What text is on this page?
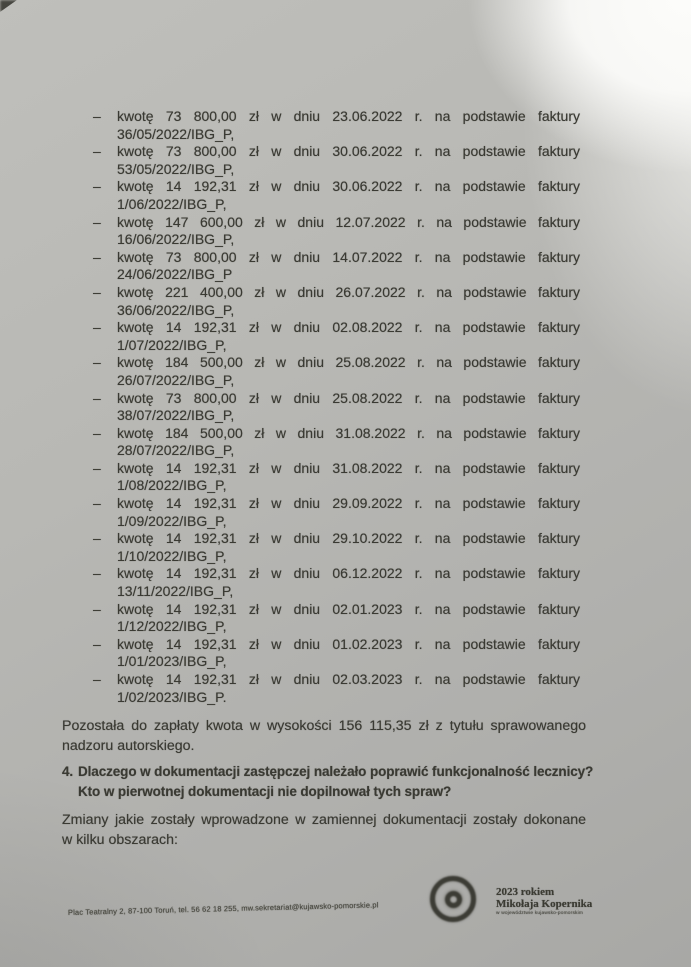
– kwotę 73 800,00 zł w dniu 23.06.2022 r. na podstawie faktury
36/05/2022/IBG_P,
– kwotę 73 800,00 zł w dniu 30.06.2022 r. na podstawie faktury
53/05/2022/IBG_P,
– kwotę 14 192,31 zł w dniu 30.06.2022 r. na podstawie faktury
1/06/2022/IBG_P,
– kwotę 147 600,00 zł w dniu 12.07.2022 r. na podstawie faktury
16/06/2022/IBG_P,
– kwotę 73 800,00 zł w dniu 14.07.2022 r. na podstawie faktury
24/06/2022/IBG_P
– kwotę 221 400,00 zł w dniu 26.07.2022 r. na podstawie faktury
36/06/2022/IBG_P,
– kwotę 14 192,31 zł w dniu 02.08.2022 r. na podstawie faktury
1/07/2022/IBG_P,
– kwotę 184 500,00 zł w dniu 25.08.2022 r. na podstawie faktury
26/07/2022/IBG_P,
– kwotę 73 800,00 zł w dniu 25.08.2022 r. na podstawie faktury
38/07/2022/IBG_P,
– kwotę 184 500,00 zł w dniu 31.08.2022 r. na podstawie faktury
28/07/2022/IBG_P,
– kwotę 14 192,31 zł w dniu 31.08.2022 r. na podstawie faktury
1/08/2022/IBG_P,
– kwotę 14 192,31 zł w dniu 29.09.2022 r. na podstawie faktury
1/09/2022/IBG_P,
– kwotę 14 192,31 zł w dniu 29.10.2022 r. na podstawie faktury
1/10/2022/IBG_P,
– kwotę 14 192,31 zł w dniu 06.12.2022 r. na podstawie faktury
13/11/2022/IBG_P,
– kwotę 14 192,31 zł w dniu 02.01.2023 r. na podstawie faktury
1/12/2022/IBG_P,
– kwotę 14 192,31 zł w dniu 01.02.2023 r. na podstawie faktury
1/01/2023/IBG_P,
– kwotę 14 192,31 zł w dniu 02.03.2023 r. na podstawie faktury
1/02/2023/IBG_P.
Pozostała do zapłaty kwota w wysokości 156 115,35 zł z tytułu sprawowanego
nadzoru autorskiego.
4. Dlaczego w dokumentacji zastępczej należało poprawić funkcjonalność lecznicy?
Kto w pierwotnej dokumentacji nie dopilnował tych spraw?
Zmiany jakie zostały wprowadzone w zamiennej dokumentacji zostały dokonane
w kilku obszarach:
Plac Teatralny 2, 87-100 Toruń, tel. 56 62 18 255, mw.sekretariat@kujawsko-pomorskie.pl
2023 rokiem
Mikołaja Kopernika
w województwie kujawsko-pomorskim
